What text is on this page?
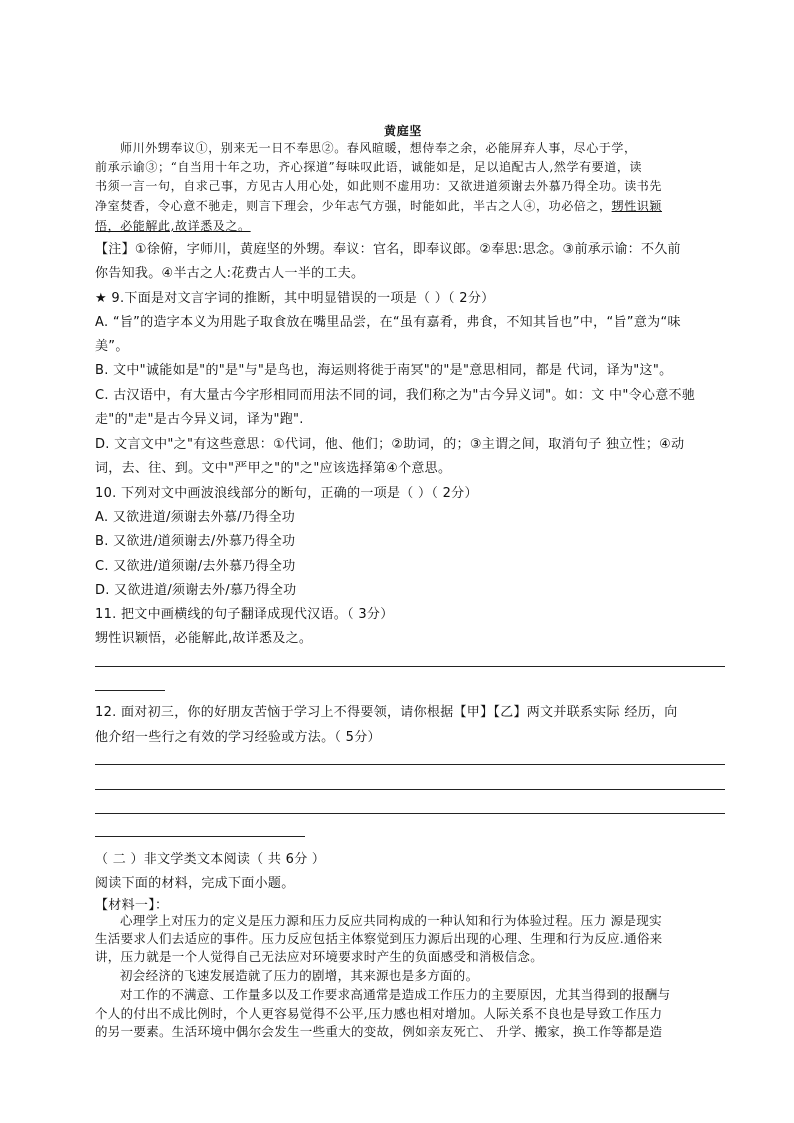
黄庭坚
师川外甥奉议①，别来无一日不奉思②。春风暄暖，想侍奉之余，必能屏弃人事，尽心于学，
前承示谕③；“自当用十年之功，齐心探道”每味叹此语，诚能如是，足以追配古人,然学有要道，读
书须一言一句，自求己事，方见古人用心处，如此则不虚用功：又欲进道须谢去外慕乃得全功。读书先
净室焚香，令心意不驰走，则言下理会，少年志气方强，时能如此，半古之人④，功必倍之，甥性识颖
悟，必能解此,故详悉及之。
【注】①徐俯，字师川，黄庭坚的外甥。奉议：官名，即奉议郎。②奉思:思念。③前承示谕：不久前
你告知我。④半古之人:花费古人一半的工夫。
★ 9.下面是对文言字词的推断，其中明显错误的一项是（ ）（ 2分）
A. “旨”的造字本义为用匙子取食放在嘴里品尝，在“虽有嘉肴，弗食，不知其旨也”中，“旨”意为“味
美”。
B. 文中"诚能如是"的"是"与"是鸟也，海运则将徙于南冥"的"是"意思相同，都是 代词，译为"这"。
C. 古汉语中，有大量古今字形相同而用法不同的词，我们称之为"古今异义词"。如：文 中"令心意不驰
走"的"走"是古今异义词，译为"跑".
D. 文言文中"之"有这些意思：①代词，他、他们；②助词，的；③主谓之间，取消句子 独立性；④动
词，去、往、到。文中"严甲之"的"之"应该选择第④个意思。
10. 下列对文中画波浪线部分的断句，正确的一项是（ ）（ 2分）
A. 又欲进道/须谢去外慕/乃得全功
B. 又欲进/道须谢去/外慕乃得全功
C. 又欲进/道须谢/去外慕乃得全功
D. 又欲进道/须谢去外/慕乃得全功
11. 把文中画横线的句子翻译成现代汉语。（ 3分）
甥性识颖悟，必能解此,故详悉及之。
12. 面对初三，你的好朋友苦恼于学习上不得要领，请你根据【甲】【乙】两文并联系实际 经历，向
他介绍一些行之有效的学习经验或方法。（ 5分）
（ 二 ）非文学类文本阅读（ 共 6分 ）
阅读下面的材料，完成下面小题。
【材料一】：
心理学上对压力的定义是压力源和压力反应共同构成的一种认知和行为体验过程。压力 源是现实
生活要求人们去适应的事件。压力反应包括主体察觉到压力源后出现的心理、生理和行为反应.通俗来
讲，压力就是一个人觉得自己无法应对环境要求时产生的负面感受和消极信念。
初会经济的飞速发展造就了压力的剧增，其来源也是多方面的。
对工作的不满意、工作量多以及工作要求高通常是造成工作压力的主要原因，尤其当得到的报酬与
个人的付出不成比例时，个人更容易觉得不公平,压力感也相对增加。人际关系不良也是导致工作压力
的另一要素。生活环境中偶尔会发生一些重大的变故，例如亲友死亡、 升学、搬家，换工作等都是造
